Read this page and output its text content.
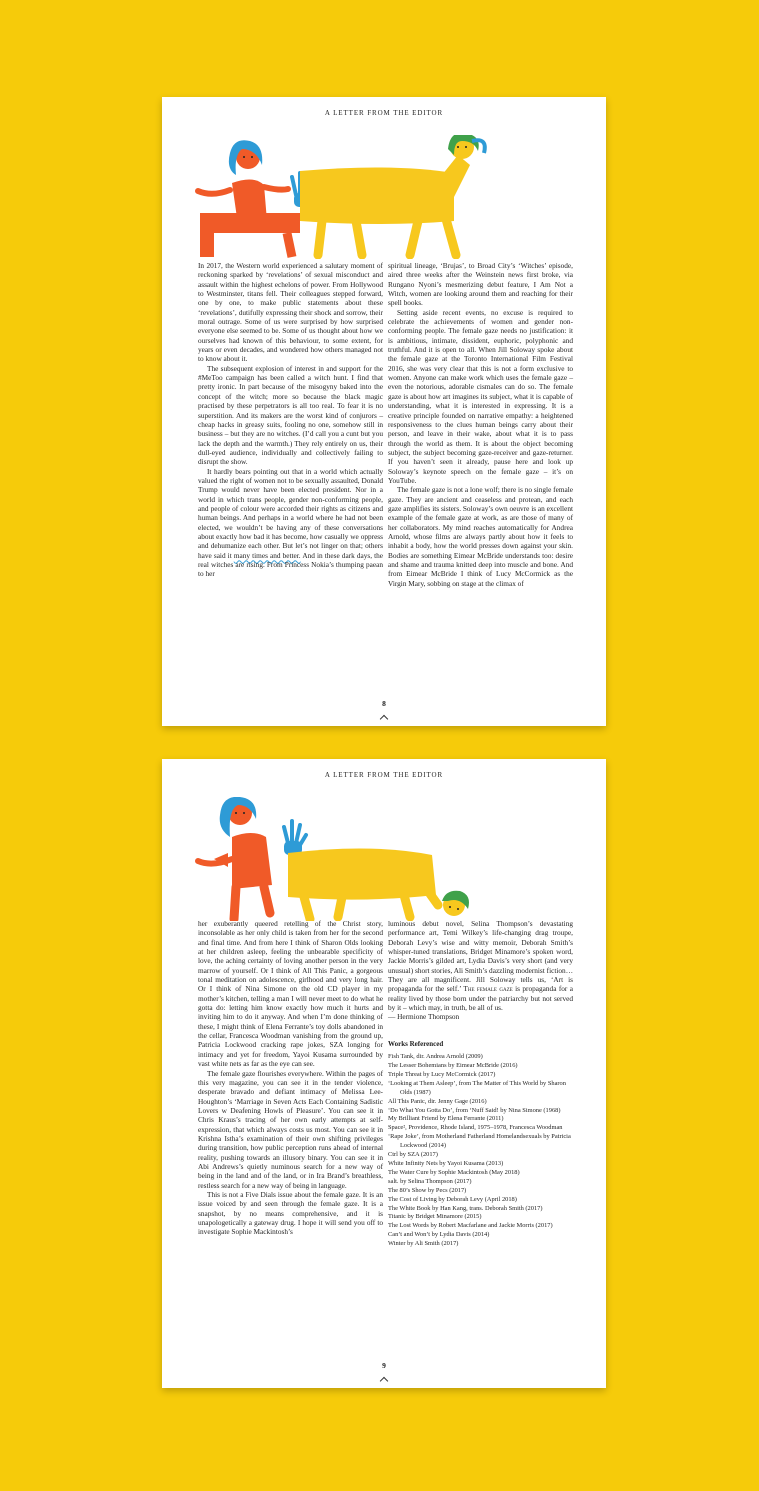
A LETTER FROM THE EDITOR

In 2017, the Western world experienced a salutary moment of reckoning sparked by ‘revelations’ of sexual misconduct and assault within the highest echelons of power. From Hollywood to Westminster, titans fell. Their colleagues stepped forward, one by one, to make public statements about these ‘revelations’, dutifully expressing their shock and sorrow, their moral outrage. Some of us were surprised by how surprised everyone else seemed to be. Some of us thought about how we ourselves had known of this behaviour, to some extent, for years or even decades, and wondered how others managed not to know about it.

The subsequent explosion of interest in and support for the #MeToo campaign has been called a witch hunt. I find that pretty ironic. In part because of the misogyny baked into the concept of the witch; more so because the black magic practised by these perpetrators is all too real. To fear it is no superstition. And its makers are the worst kind of conjurors – cheap hacks in greasy suits, fooling no one, somehow still in business – but they are no witches. (I’d call you a cunt but you lack the depth and the warmth.) They rely entirely on us, their dull-eyed audience, individually and collectively failing to disrupt the show.

It hardly bears pointing out that in a world which actually valued the right of women not to be sexually assaulted, Donald Trump would never have been elected president. Nor in a world in which trans people, gender non-conforming people, and people of colour were accorded their rights as citizens and human beings. And perhaps in a world where he had not been elected, we wouldn’t be having any of these conversations about exactly how bad it has become, how casually we oppress and dehumanize each other. But let’s not linger on that; others have said it many times and better. And in these dark days, the real witches are rising. From Princess Nokia’s thumping paean to her

spiritual lineage, ‘Brujas’, to Broad City’s ‘Witches’ episode, aired three weeks after the Weinstein news first broke, via Rungano Nyoni’s mesmerizing debut feature, I Am Not a Witch, women are looking around them and reaching for their spell books.

Setting aside recent events, no excuse is required to celebrate the achievements of women and gender non-conforming people. The female gaze needs no justification: it is ambitious, intimate, dissident, euphoric, polyphonic and truthful. And it is open to all. When Jill Soloway spoke about the female gaze at the Toronto International Film Festival 2016, she was very clear that this is not a form exclusive to women. Anyone can make work which uses the female gaze – even the notorious, adorable cismales can do so. The female gaze is about how art imagines its subject, what it is capable of understanding, what it is interested in expressing. It is a creative principle founded on narrative empathy: a heightened responsiveness to the clues human beings carry about their person, and leave in their wake, about what it is to pass through the world as them. It is about the object becoming subject, the subject becoming gaze-receiver and gaze-returner. If you haven’t seen it already, pause here and look up Soloway’s keynote speech on the female gaze – it’s on YouTube.

The female gaze is not a lone wolf; there is no single female gaze. They are ancient and ceaseless and protean, and each gaze amplifies its sisters. Soloway’s own oeuvre is an excellent example of the female gaze at work, as are those of many of her collaborators. My mind reaches automatically for Andrea Arnold, whose films are always partly about how it feels to inhabit a body, how the world presses down against your skin. Bodies are something Eimear McBride understands too: desire and shame and trauma knitted deep into muscle and bone. And from Eimear McBride I think of Lucy McCormick as the Virgin Mary, sobbing on stage at the climax of

8
A LETTER FROM THE EDITOR

her exuberantly queered retelling of the Christ story, inconsolable as her only child is taken from her for the second and final time. And from here I think of Sharon Olds looking at her children asleep, feeling the unbearable specificity of love, the aching certainty of loving another person in the very marrow of yourself. Or I think of All This Panic, a gorgeous tonal meditation on adolescence, girlhood and very long hair. Or I think of Nina Simone on the old CD player in my mother’s kitchen, telling a man I will never meet to do what he gotta do: letting him know exactly how much it hurts and inviting him to do it anyway. And when I’m done thinking of these, I might think of Elena Ferrante’s toy dolls abandoned in the cellar, Francesca Woodman vanishing from the ground up, Patricia Lockwood cracking rape jokes, SZA longing for intimacy and yet for freedom, Yayoi Kusama surrounded by vast white nets as far as the eye can see.

The female gaze flourishes everywhere. Within the pages of this very magazine, you can see it in the tender violence, desperate bravado and defiant intimacy of Melissa Lee-Houghton’s ‘Marriage in Seven Acts Each Containing Sadistic Lovers w Deafening Howls of Pleasure’. You can see it in Chris Kraus’s tracing of her own early attempts at self-expression, that which always costs us most. You can see it in Krishna Istha’s examination of their own shifting privileges during transition, how public perception runs ahead of internal reality, pushing towards an illusory binary. You can see it in Abi Andrews’s quietly numinous search for a new way of being in the land and of the land, or in Ira Brand’s breathless, restless search for a new way of being in language.

This is not a Five Dials issue about the female gaze. It is an issue voiced by and seen through the female gaze. It is a snapshot, by no means comprehensive, and it is unapologetically a gateway drug. I hope it will send you off to investigate Sophie Mackintosh’s

luminous debut novel, Selina Thompson’s devastating performance art, Temi Wilkey’s life-changing drag troupe, Deborah Levy’s wise and witty memoir, Deborah Smith’s whisper-tuned translations, Bridget Minamore’s spoken word, Jackie Morris’s gilded art, Lydia Davis’s very short (and very unusual) short stories, Ali Smith’s dazzling modernist fiction… They are all magnificent. Jill Soloway tells us, ‘Art is propaganda for the self.’ The female gaze is propaganda for a reality lived by those born under the patriarchy but not served by it – which may, in truth, be all of us.

— Hermione Thompson

Works Referenced
Fish Tank, dir. Andrea Arnold (2009)
The Lesser Bohemians by Eimear McBride (2016)
Triple Threat by Lucy McCormick (2017)
‘Looking at Them Asleep’, from The Matter of This World by Sharon Olds (1987)
All This Panic, dir. Jenny Gage (2016)
‘Do What You Gotta Do’, from ‘Nuff Said! by Nina Simone (1968)
My Brilliant Friend by Elena Ferrante (2011)
Space², Providence, Rhode Island, 1975–1978, Francesca Woodman
‘Rape Joke’, from Motherland Fatherland Homelandsexuals by Patricia Lockwood (2014)
Ctrl by SZA (2017)
White Infinity Nets by Yayoi Kusama (2013)
The Water Cure by Sophie Mackintosh (May 2018)
salt. by Selina Thompson (2017)
The 80’s Show by Pecs (2017)
The Cost of Living by Deborah Levy (April 2018)
The White Book by Han Kang, trans. Deborah Smith (2017)
Titanic by Bridget Minamore (2015)
The Lost Words by Robert Macfarlane and Jackie Morris (2017)
Can’t and Won’t by Lydia Davis (2014)
Winter by Ali Smith (2017)
9
